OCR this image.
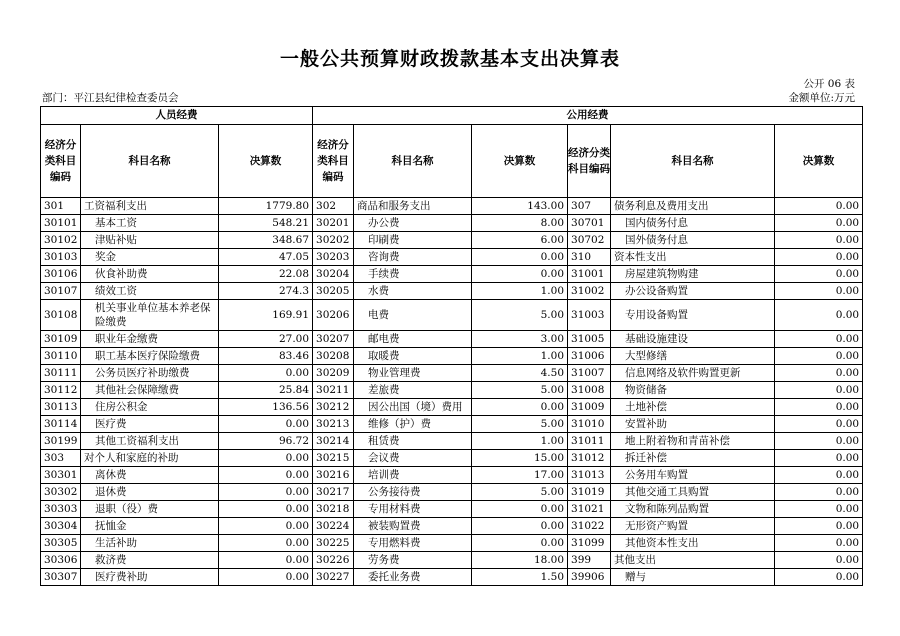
一般公共预算财政拨款基本支出决算表
公开 06 表
部门：平江县纪律检查委员会	金额单位:万元
人员经费			公用经费					
经济分类科目编码	科目名称	决算数	经济分类科目编码	科目名称	决算数	经济分类科目编码	科目名称	决算数
301	工资福利支出	1779.80	302	商品和服务支出	143.00	307	债务利息及费用支出	0.00
30101	基本工资	548.21	30201	办公费	8.00	30701	国内债务付息	0.00
30102	津贴补贴	348.67	30202	印刷费	6.00	30702	国外债务付息	0.00
30103	奖金	47.05	30203	咨询费	0.00	310	资本性支出	0.00
30106	伙食补助费	22.08	30204	手续费	0.00	31001	房屋建筑物购建	0.00
30107	绩效工资	274.3	30205	水费	1.00	31002	办公设备购置	0.00
30108	机关事业单位基本养老保险缴费	169.91	30206	电费	5.00	31003	专用设备购置	0.00
30109	职业年金缴费	27.00	30207	邮电费	3.00	31005	基础设施建设	0.00
30110	职工基本医疗保险缴费	83.46	30208	取暖费	1.00	31006	大型修缮	0.00
30111	公务员医疗补助缴费	0.00	30209	物业管理费	4.50	31007	信息网络及软件购置更新	0.00
30112	其他社会保障缴费	25.84	30211	差旅费	5.00	31008	物资储备	0.00
30113	住房公积金	136.56	30212	因公出国（境）费用	0.00	31009	土地补偿	0.00
30114	医疗费	0.00	30213	维修（护）费	5.00	31010	安置补助	0.00
30199	其他工资福利支出	96.72	30214	租赁费	1.00	31011	地上附着物和青苗补偿	0.00
303	对个人和家庭的补助	0.00	30215	会议费	15.00	31012	拆迁补偿	0.00
30301	离休费	0.00	30216	培训费	17.00	31013	公务用车购置	0.00
30302	退休费	0.00	30217	公务接待费	5.00	31019	其他交通工具购置	0.00
30303	退职（役）费	0.00	30218	专用材料费	0.00	31021	文物和陈列品购置	0.00
30304	抚恤金	0.00	30224	被装购置费	0.00	31022	无形资产购置	0.00
30305	生活补助	0.00	30225	专用燃料费	0.00	31099	其他资本性支出	0.00
30306	救济费	0.00	30226	劳务费	18.00	399	其他支出	0.00
30307	医疗费补助	0.00	30227	委托业务费	1.50	39906	赠与	0.00
